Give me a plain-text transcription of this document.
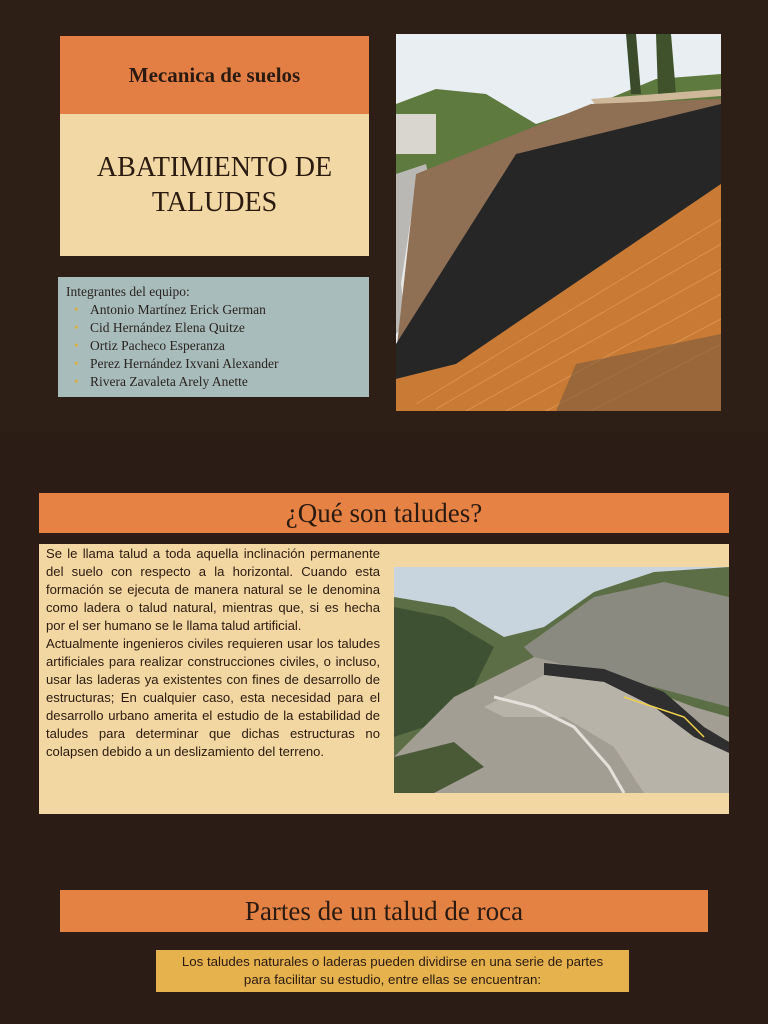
Mecanica de suelos
ABATIMIENTO DE TALUDES
Integrantes del equipo:
• Antonio Martínez Erick German
• Cid Hernández Elena Quitze
• Ortiz Pacheco Esperanza
• Perez Hernández Ixvani Alexander
• Rivera Zavaleta Arely Anette
¿Qué son taludes?

Se le llama talud a toda aquella inclinación permanente del suelo con respecto a la horizontal. Cuando esta formación se ejecuta de manera natural se le denomina como ladera o talud natural, mientras que, si es hecha por el ser humano se le llama talud artificial.

Actualmente ingenieros civiles requieren usar los taludes artificiales para realizar construcciones civiles, o incluso, usar las laderas ya existentes con fines de desarrollo de estructuras; En cualquier caso, esta necesidad para el desarrollo urbano amerita el estudio de la estabilidad de taludes para determinar que dichas estructuras no colapsen debido a un deslizamiento del terreno.

Partes de un talud de roca
Los taludes naturales o laderas pueden dividirse en una serie de partes para facilitar su estudio, entre ellas se encuentran:
